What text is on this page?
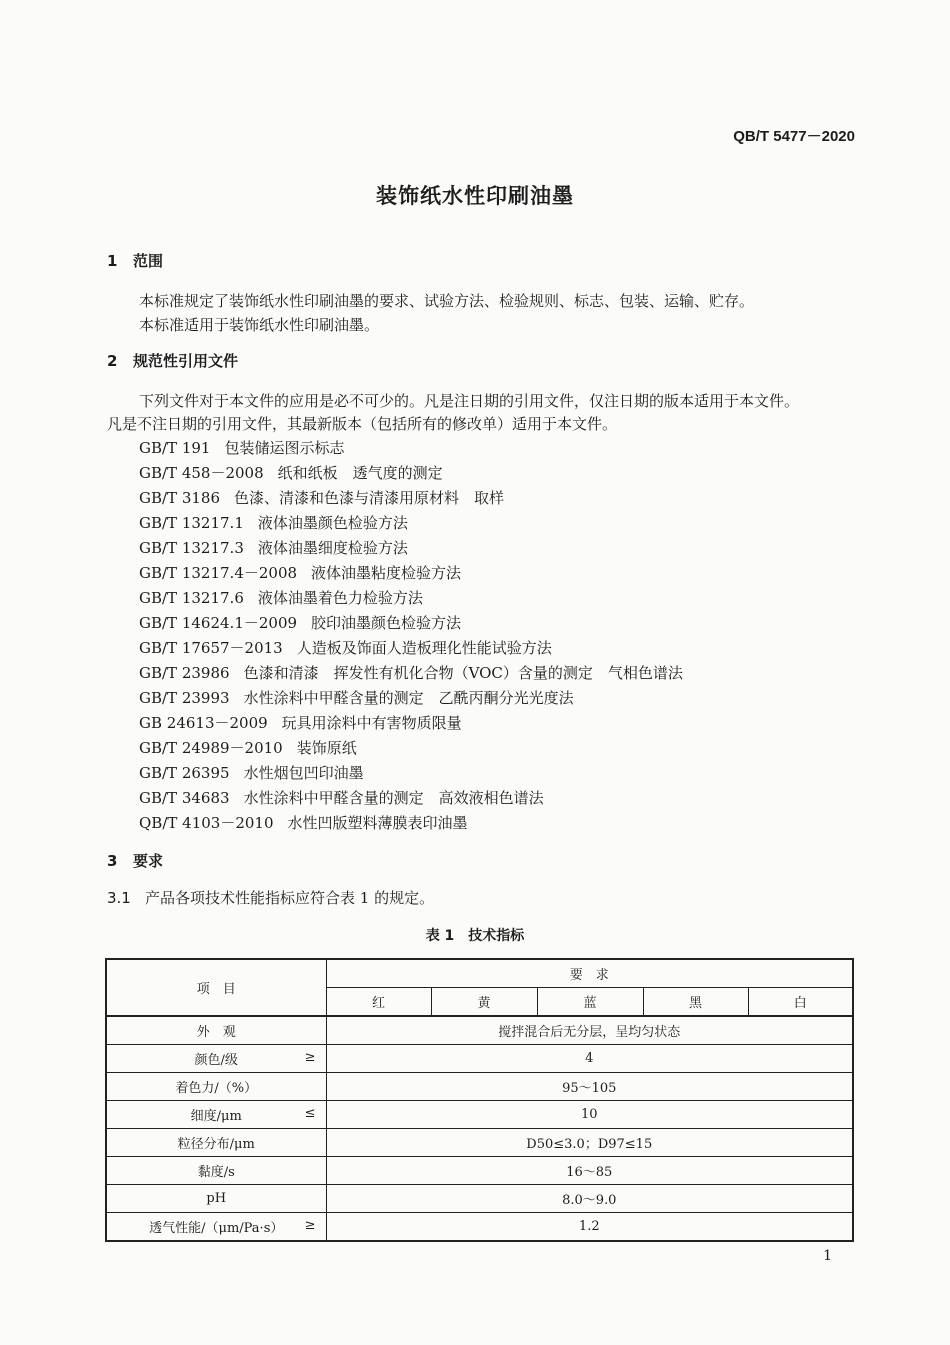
QB/T 5477－2020
装饰纸水性印刷油墨
1 范围
本标准规定了装饰纸水性印刷油墨的要求、试验方法、检验规则、标志、包装、运输、贮存。
本标准适用于装饰纸水性印刷油墨。
2 规范性引用文件
下列文件对于本文件的应用是必不可少的。凡是注日期的引用文件，仅注日期的版本适用于本文件。
凡是不注日期的引用文件，其最新版本（包括所有的修改单）适用于本文件。
GB/T 191 包装储运图示标志
GB/T 458－2008 纸和纸板　透气度的测定
GB/T 3186 色漆、清漆和色漆与清漆用原材料　取样
GB/T 13217.1 液体油墨颜色检验方法
GB/T 13217.3 液体油墨细度检验方法
GB/T 13217.4－2008 液体油墨粘度检验方法
GB/T 13217.6 液体油墨着色力检验方法
GB/T 14624.1－2009 胶印油墨颜色检验方法
GB/T 17657－2013 人造板及饰面人造板理化性能试验方法
GB/T 23986 色漆和清漆　挥发性有机化合物（VOC）含量的测定　气相色谱法
GB/T 23993 水性涂料中甲醛含量的测定　乙酰丙酮分光光度法
GB 24613－2009 玩具用涂料中有害物质限量
GB/T 24989－2010 装饰原纸
GB/T 26395 水性烟包凹印油墨
GB/T 34683 水性涂料中甲醛含量的测定　高效液相色谱法
QB/T 4103－2010 水性凹版塑料薄膜表印油墨
3 要求
3.1 产品各项技术性能指标应符合表 1 的规定。
表 1　技术指标
项　目	要　求				
	红	黄	蓝	黑	白
外　观	搅拌混合后无分层，呈均匀状态				
颜色/级 ≥	4				
着色力/（%）	95～105				
细度/μm ≤	10				
粒径分布/μm	D50≤3.0；D97≤15				
黏度/s	16～85				
pH	8.0～9.0				
透气性能/（μm/Pa·s） ≥	1.2				
1
